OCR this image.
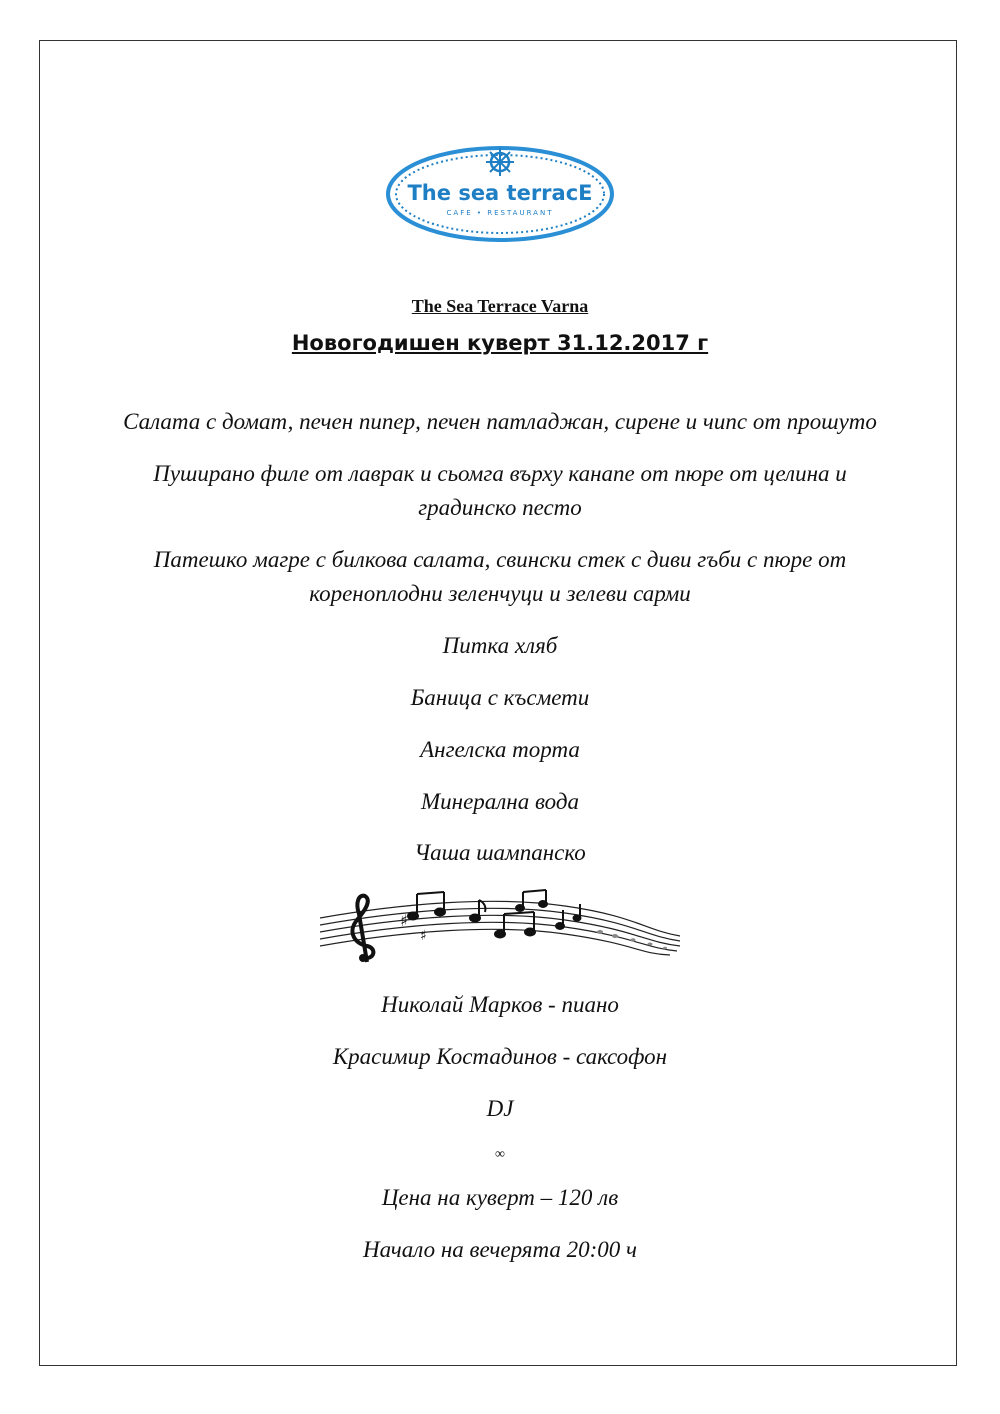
The sea terracE
CAFE • RESTAURANT
The Sea Terrace Varna
Новогодишен куверт 31.12.2017 г
Салата с домат, печен пипер, печен патладжан, сирене и чипс от прошуто
Пуширано филе от лаврак и сьомга върху канапе от пюре от целина и градинско песто
Патешко магре с билкова салата, свински стек с диви гъби с пюре от кореноплодни зеленчуци и зелеви сарми
Питка хляб
Баница с късмети
Ангелска торта
Минерална вода
Чаша шампанско
♯
♯
Николай Марков - пиано
Красимир Костадинов - саксофон
DJ
∞
Цена на куверт – 120 лв
Начало на вечерята 20:00 ч
